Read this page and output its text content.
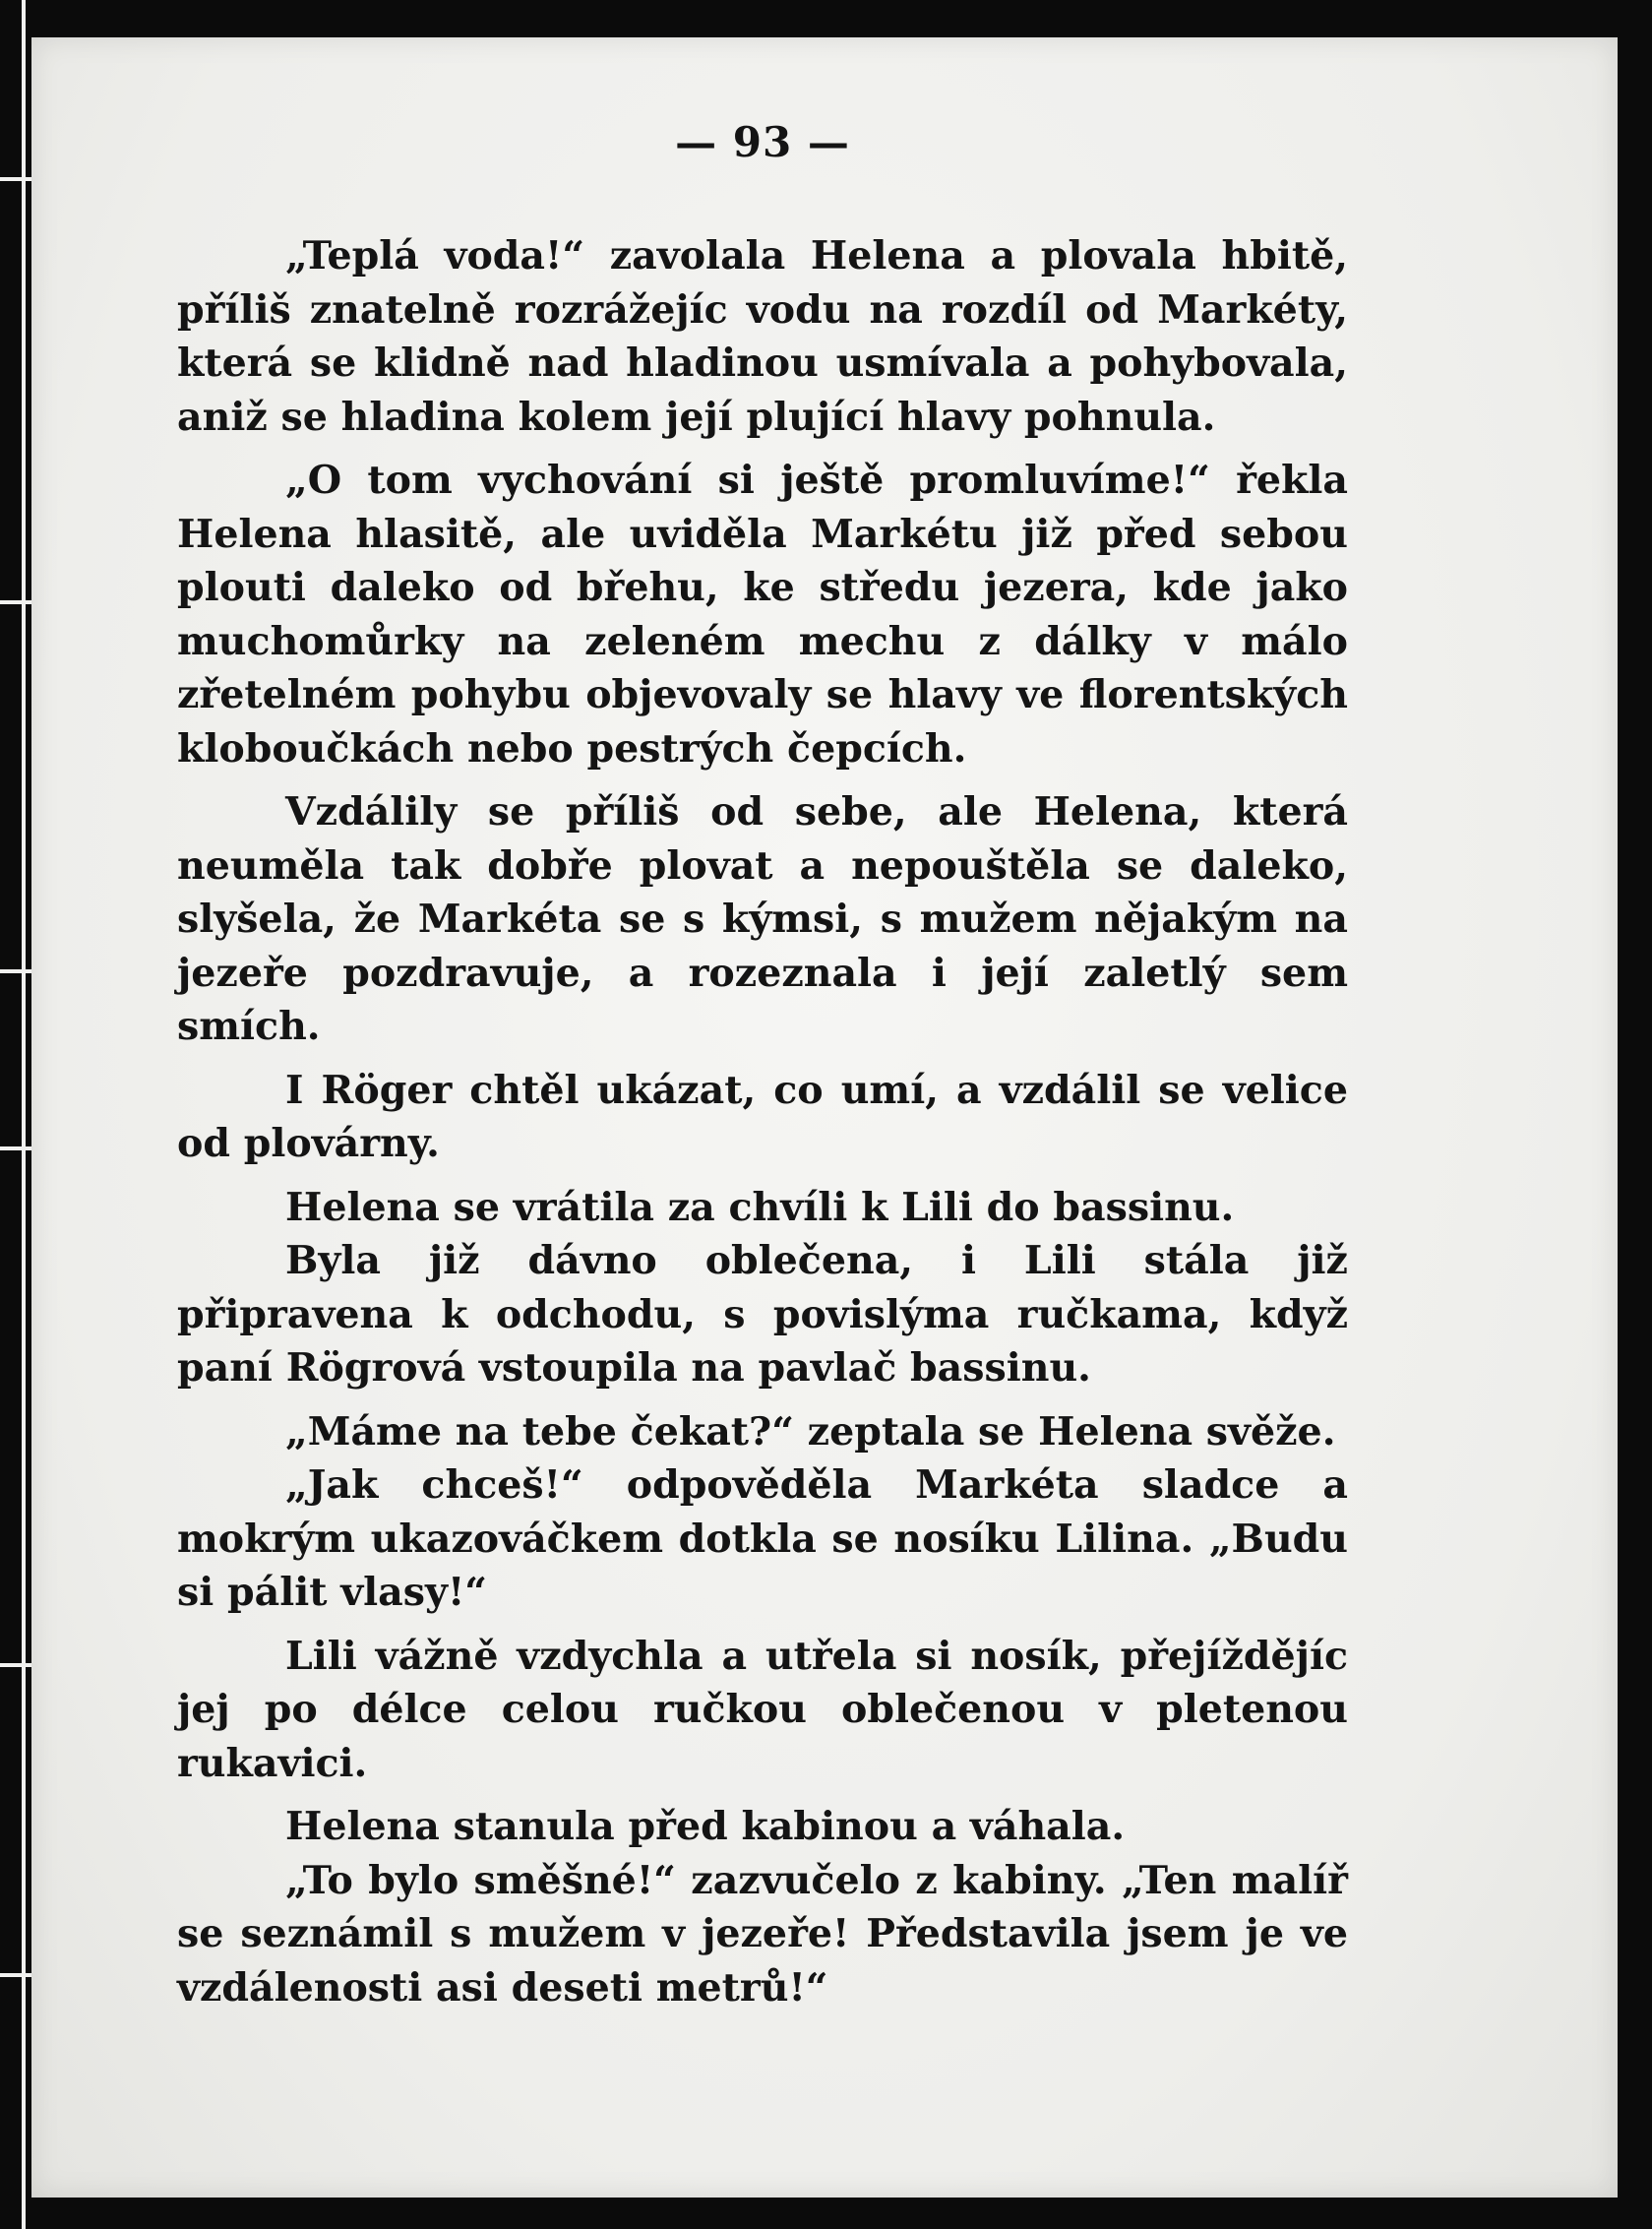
— 93 —

„Teplá voda!“ zavolala Helena a plovala hbitě, příliš znatelně rozrážejíc vodu na rozdíl od Markéty, která se klidně nad hladinou usmívala a pohybovala, aniž se hladina kolem její plující hlavy pohnula.

„O tom vychování si ještě promluvíme!“ řekla Helena hlasitě, ale uviděla Markétu již před sebou plouti daleko od břehu, ke středu jezera, kde jako muchomůrky na zeleném mechu z dálky v málo zřetelném pohybu objevovaly se hlavy ve florentských kloboučkách nebo pestrých čepcích.

Vzdálily se příliš od sebe, ale Helena, která neuměla tak dobře plovat a nepouštěla se daleko, slyšela, že Markéta se s kýmsi, s mužem nějakým na jezeře pozdravuje, a rozeznala i její zaletlý sem smích.

I Röger chtěl ukázat, co umí, a vzdálil se velice od plovárny.

Helena se vrátila za chvíli k Lili do bassinu.

Byla již dávno oblečena, i Lili stála již připravena k odchodu, s povislýma ručkama, když paní Rögrová vstoupila na pavlač bassinu.

„Máme na tebe čekat?“ zeptala se Helena svěže.

„Jak chceš!“ odpověděla Markéta sladce a mokrým ukazováčkem dotkla se nosíku Lilina. „Budu si pálit vlasy!“

Lili vážně vzdychla a utřela si nosík, přejíždějíc jej po délce celou ručkou oblečenou v pletenou rukavici.

Helena stanula před kabinou a váhala.

„To bylo směšné!“ zazvučelo z kabiny. „Ten malíř se seznámil s mužem v jezeře! Představila jsem je ve vzdálenosti asi deseti metrů!“
